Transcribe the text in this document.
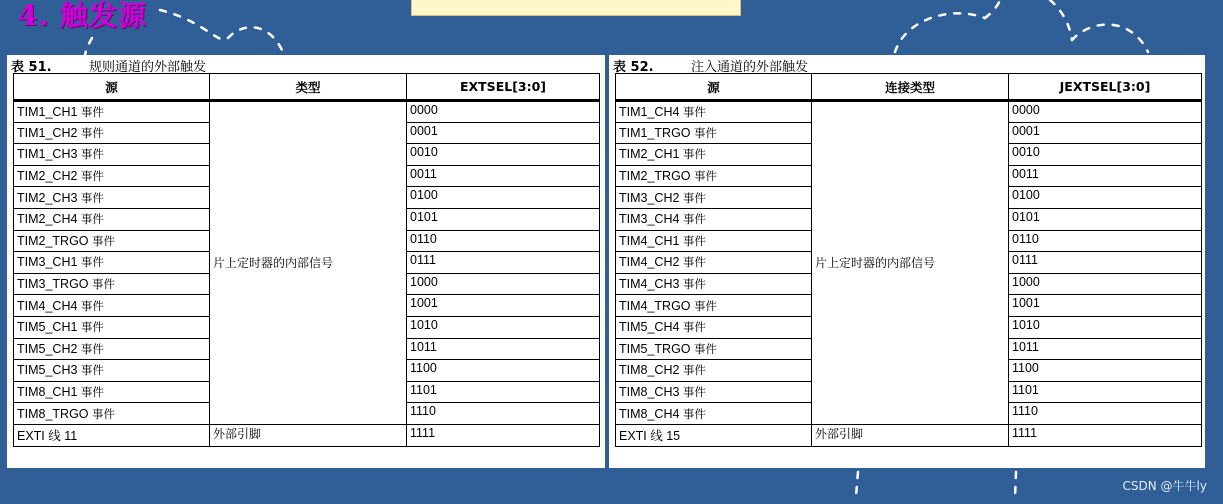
4. 触发源
表 51.	规则通道的外部触发
源	类型	EXTSEL[3:0]
TIM1_CH1 事件	片上定时器的内部信号	0000
TIM1_CH2 事件		0001
TIM1_CH3 事件		0010
TIM2_CH2 事件		0011
TIM2_CH3 事件		0100
TIM2_CH4 事件		0101
TIM2_TRGO 事件		0110
TIM3_CH1 事件		0111
TIM3_TRGO 事件		1000
TIM4_CH4 事件		1001
TIM5_CH1 事件		1010
TIM5_CH2 事件		1011
TIM5_CH3 事件		1100
TIM8_CH1 事件		1101
TIM8_TRGO 事件		1110
EXTI 线 11	外部引脚	1111
表 52.	注入通道的外部触发
源	连接类型	JEXTSEL[3:0]
TIM1_CH4 事件	片上定时器的内部信号	0000
TIM1_TRGO 事件		0001
TIM2_CH1 事件		0010
TIM2_TRGO 事件		0011
TIM3_CH2 事件		0100
TIM3_CH4 事件		0101
TIM4_CH1 事件		0110
TIM4_CH2 事件		0111
TIM4_CH3 事件		1000
TIM4_TRGO 事件		1001
TIM5_CH4 事件		1010
TIM5_TRGO 事件		1011
TIM8_CH2 事件		1100
TIM8_CH3 事件		1101
TIM8_CH4 事件		1110
EXTI 线 15	外部引脚	1111
CSDN @牛牛ly
